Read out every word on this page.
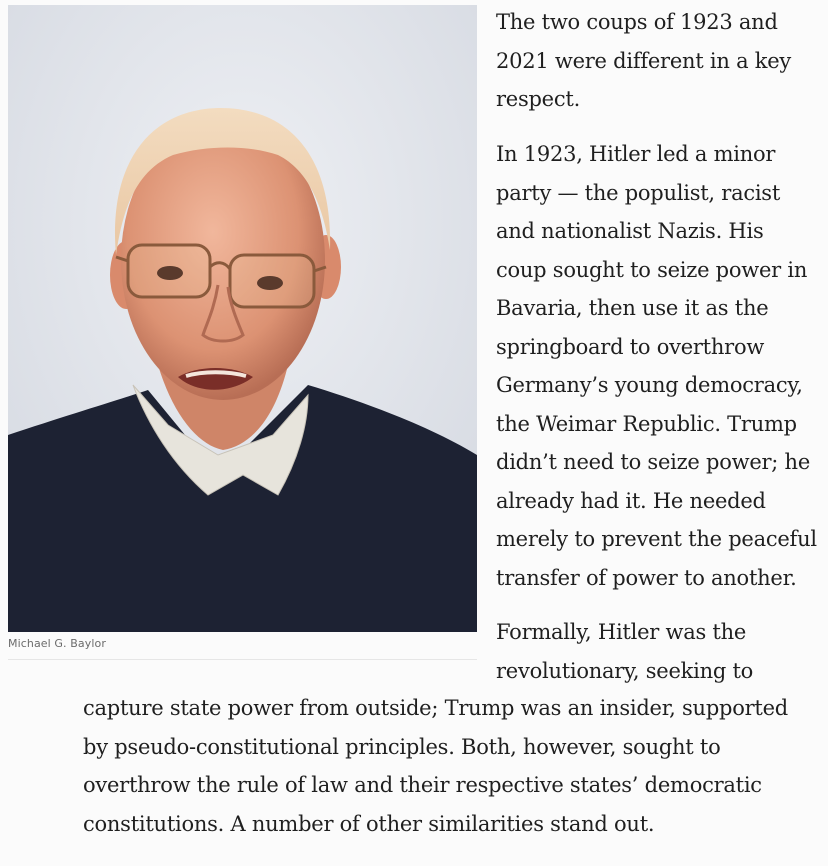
Michael G. Baylor

The two coups of 1923 and
2021 were different in a key
respect.

In 1923, Hitler led a minor
party — the populist, racist
and nationalist Nazis. His
coup sought to seize power in
Bavaria, then use it as the
springboard to overthrow
Germany’s young democracy,
the Weimar Republic. Trump
didn’t need to seize power; he
already had it. He needed
merely to prevent the peaceful
transfer of power to another.

Formally, Hitler was the
revolutionary, seeking to

capture state power from outside; Trump was an insider, supported
by pseudo-constitutional principles. Both, however, sought to
overthrow the rule of law and their respective states’ democratic
constitutions. A number of other similarities stand out.
